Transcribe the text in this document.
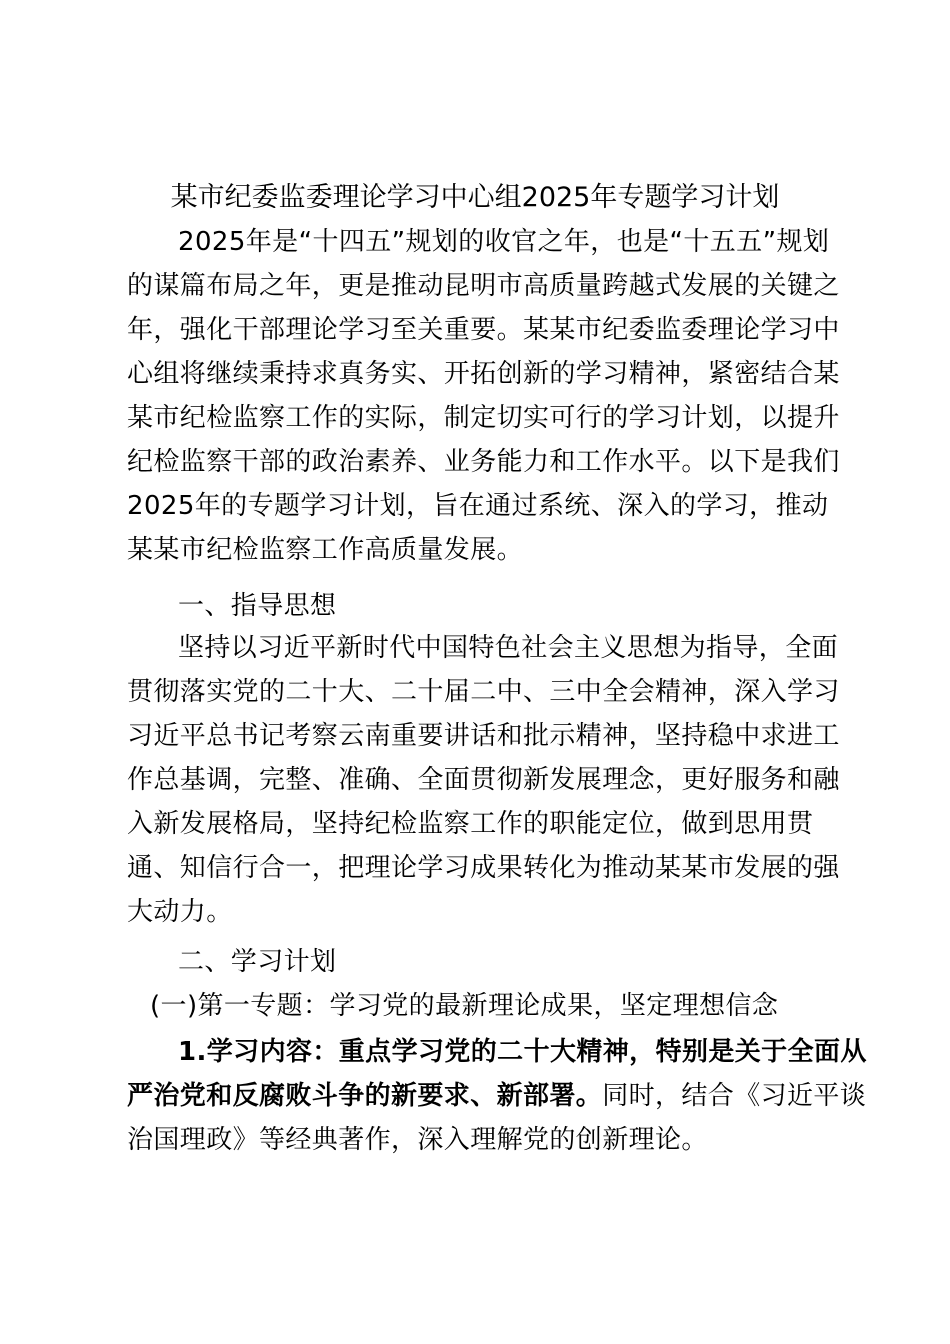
某市纪委监委理论学习中心组2025年专题学习计划
2025年是“十四五”规划的收官之年，也是“十五五”规划
的谋篇布局之年，更是推动昆明市高质量跨越式发展的关键之
年，强化干部理论学习至关重要。某某市纪委监委理论学习中
心组将继续秉持求真务实、开拓创新的学习精神，紧密结合某
某市纪检监察工作的实际，制定切实可行的学习计划，以提升
纪检监察干部的政治素养、业务能力和工作水平。以下是我们
2025年的专题学习计划，旨在通过系统、深入的学习，推动
某某市纪检监察工作高质量发展。
一、指导思想
坚持以习近平新时代中国特色社会主义思想为指导，全面
贯彻落实党的二十大、二十届二中、三中全会精神，深入学习
习近平总书记考察云南重要讲话和批示精神，坚持稳中求进工
作总基调，完整、准确、全面贯彻新发展理念，更好服务和融
入新发展格局，坚持纪检监察工作的职能定位，做到思用贯
通、知信行合一，把理论学习成果转化为推动某某市发展的强
大动力。
二、学习计划
(一)第一专题：学习党的最新理论成果，坚定理想信念
1.学习内容：重点学习党的二十大精神，特别是关于全面从
严治党和反腐败斗争的新要求、新部署。同时，结合《习近平谈
治国理政》等经典著作，深入理解党的创新理论。
